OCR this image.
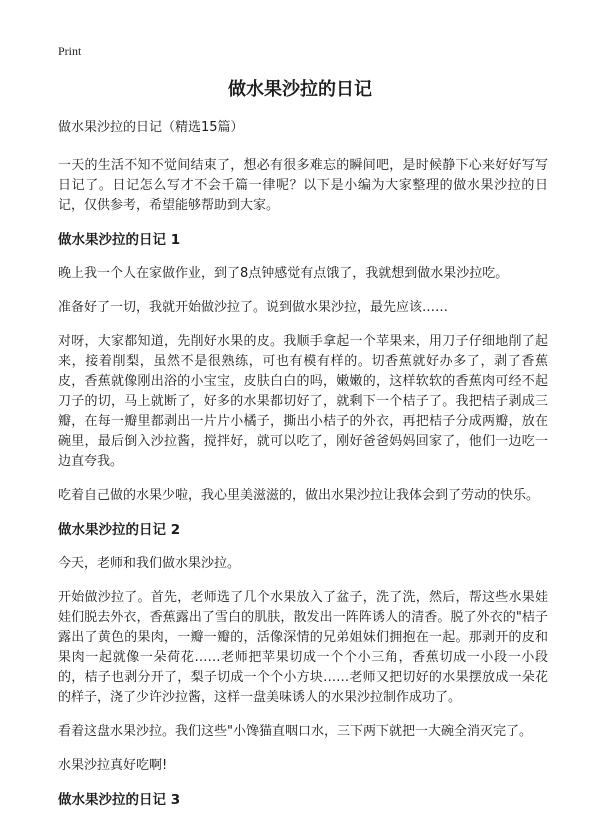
Print
做水果沙拉的日记

做水果沙拉的日记（精选15篇）

一天的生活不知不觉间结束了，想必有很多难忘的瞬间吧，是时候静下心来好好写写日记了。日记怎么写才不会千篇一律呢？以下是小编为大家整理的做水果沙拉的日记，仅供参考，希望能够帮助到大家。

做水果沙拉的日记 1

晚上我一个人在家做作业，到了8点钟感觉有点饿了，我就想到做水果沙拉吃。

准备好了一切，我就开始做沙拉了。说到做水果沙拉，最先应该……

对呀，大家都知道，先削好水果的皮。我顺手拿起一个苹果来，用刀子仔细地削了起来，接着削梨，虽然不是很熟练，可也有模有样的。切香蕉就好办多了，剥了香蕉皮，香蕉就像刚出浴的小宝宝，皮肤白白的吗，嫩嫩的，这样软软的香蕉肉可经不起刀子的切，马上就断了，好多的水果都切好了，就剩下一个桔子了。我把桔子剥成三瓣，在每一瓣里都剥出一片片小橘子，撕出小桔子的外衣，再把桔子分成两瓣，放在碗里，最后倒入沙拉酱，搅拌好，就可以吃了，刚好爸爸妈妈回家了，他们一边吃一边直夸我。

吃着自己做的水果少啦，我心里美滋滋的，做出水果沙拉让我体会到了劳动的快乐。

做水果沙拉的日记 2

今天，老师和我们做水果沙拉。

开始做沙拉了。首先，老师选了几个水果放入了盆子，洗了洗，然后，帮这些水果娃娃们脱去外衣，香蕉露出了雪白的肌肤，散发出一阵阵诱人的清香。脱了外衣的"桔子露出了黄色的果肉，一瓣一瓣的，活像深情的兄弟姐妹们拥抱在一起。那剥开的皮和果肉一起就像一朵荷花……老师把苹果切成一个个小三角，香蕉切成一小段一小段的，桔子也剥分开了，梨子切成一个个小方块……老师又把切好的水果摆放成一朵花的样子，浇了少许沙拉酱，这样一盘美味诱人的水果沙拉制作成功了。

看着这盘水果沙拉。我们这些"小馋猫直咽口水，三下两下就把一大碗全消灭完了。

水果沙拉真好吃啊!

做水果沙拉的日记 3
